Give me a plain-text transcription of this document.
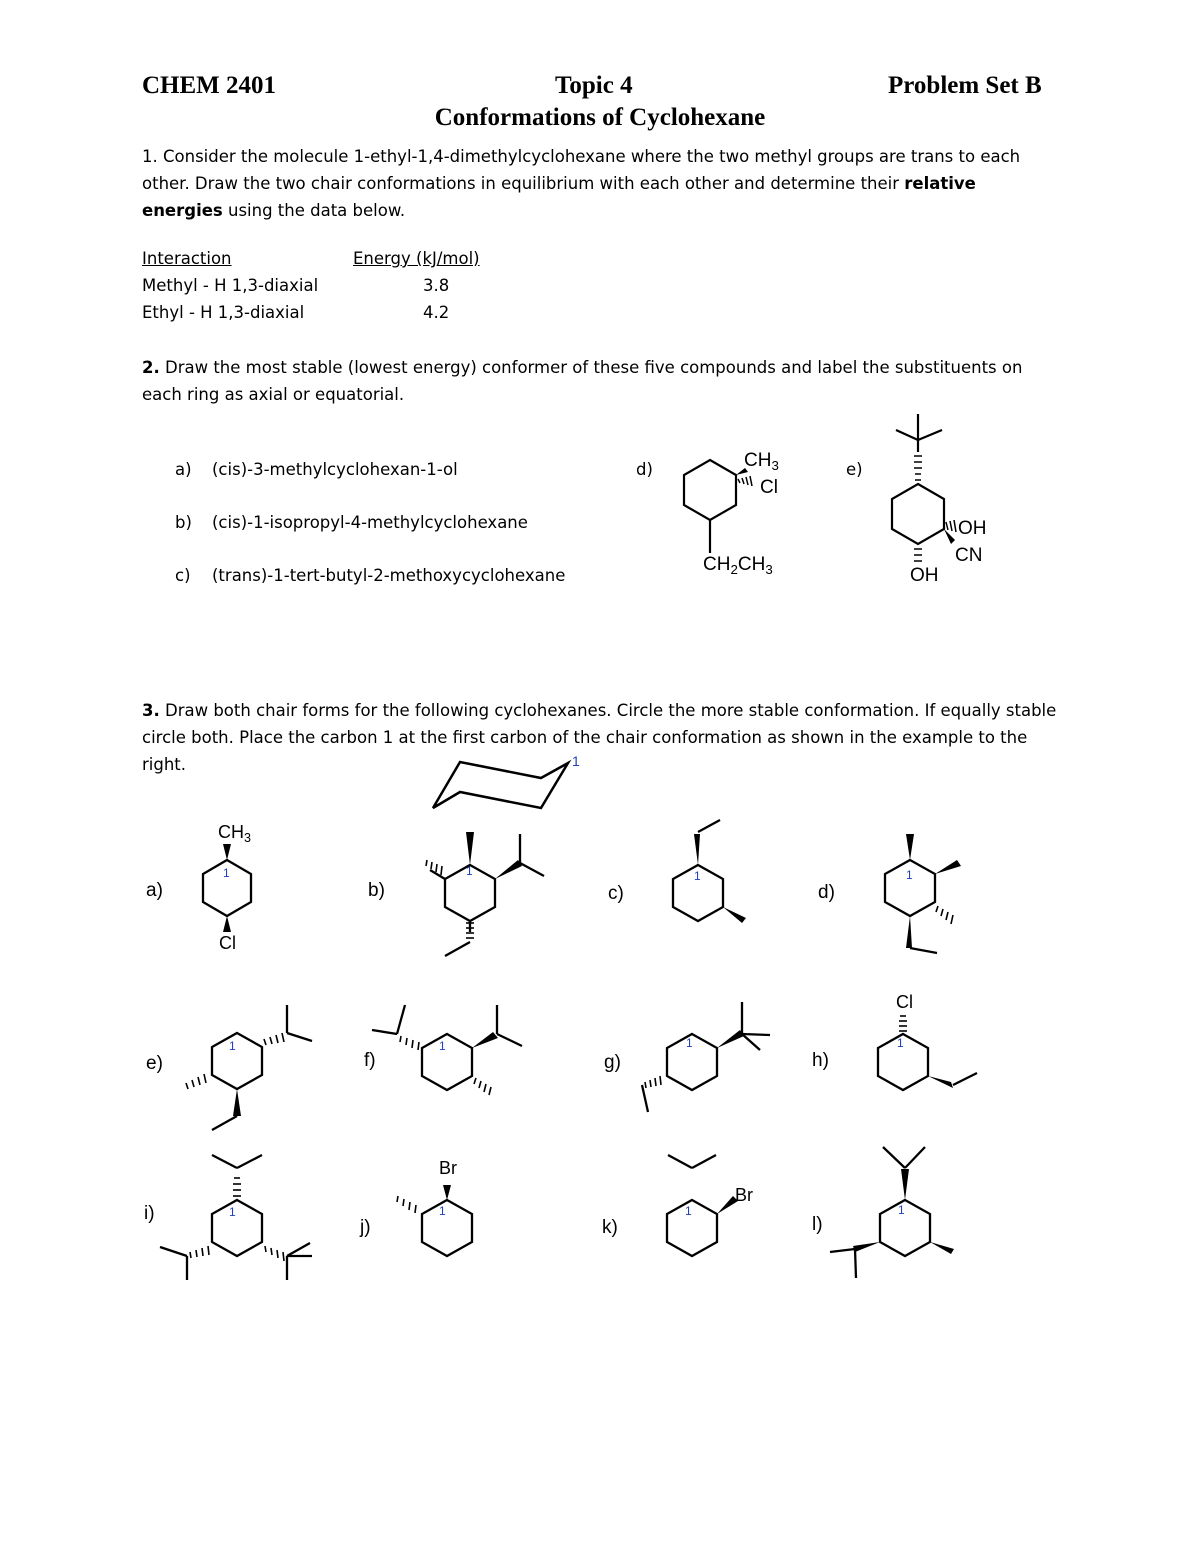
CHEM 2401	Topic 4	Problem Set B
Conformations of Cyclohexane

1. Consider the molecule 1-ethyl-1,4-dimethylcyclohexane where the two methyl groups are trans to each other. Draw the two chair conformations in equilibrium with each other and determine their relative energies using the data below.

Interaction	Energy (kJ/mol)
Methyl - H 1,3-diaxial	3.8
Ethyl - H 1,3-diaxial	4.2

2. Draw the most stable (lowest energy) conformer of these five compounds and label the substituents on each ring as axial or equatorial.

a) (cis)-3-methylcyclohexan-1-ol
b) (cis)-1-isopropyl-4-methylcyclohexane
c) (trans)-1-tert-butyl-2-methoxycyclohexane
d)	e)
$CH_3$
Cl
$CH_2CH_3$
OH
CN
OH

3. Draw both chair forms for the following cyclohexanes. Circle the more stable conformation. If equally stable circle both. Place the carbon 1 at the first carbon of the chair conformation as shown in the example to the right.	1
a)	b)	c)	d)
e)	f)	g)	h)
i)
j)	k)	l)
$CH_3$
Cl
Cl
Br
Br
1	1	1	1
1	1	1	1
1	1	1	1
